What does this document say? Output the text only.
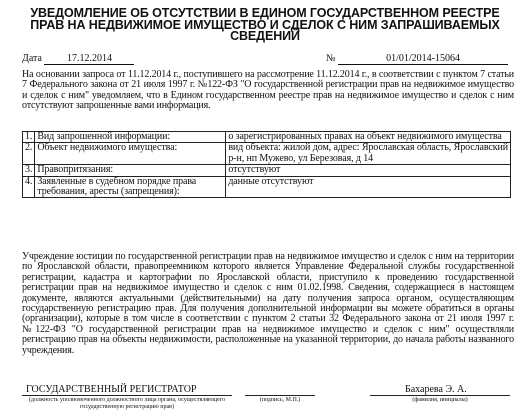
УВЕДОМЛЕНИЕ ОБ ОТСУТСТВИИ В ЕДИНОМ ГОСУДАРСТВЕННОМ РЕЕСТРЕ ПРАВ НА НЕДВИЖИМОЕ ИМУЩЕСТВО И СДЕЛОК С НИМ ЗАПРАШИВАЕМЫХ СВЕДЕНИЙ
Дата	17.12.2014	№	01/01/2014-15064
На основании запроса от 11.12.2014 г., поступившего на рассмотрение 11.12.2014 г., в соответствии с пунктом 7 статьи 7 Федерального закона от 21 июля 1997 г. №122-ФЗ "О государственной регистрации прав на недвижимое имущество и сделок с ним" уведомляем, что в Едином государственном реестре прав на недвижимое имущество и сделок с ним отсутствуют запрошенные вами информация.
1.	Вид запрошенной информации:	о зарегистрированных правах на объект недвижимого имущества
2.	Объект недвижимого имущества:	вид объекта: жилой дом, адрес: Ярославская область, Ярославский р-н, нп Мужево, ул Березовая, д 14
3.	Правопритязания:	отсутствуют
4.	Заявленные в судебном порядке права требования, аресты (запрещения):	данные отсутствуют
Учреждение юстиции по государственной регистрации прав на недвижимое имущество и сделок с ним на территории по Ярославской области, правопреемником которого является Управление Федеральной службы государственной регистрации, кадастра и картографии по Ярославской области, приступило к проведению государственной регистрации прав на недвижимое имущество и сделок с ним 01.02.1998. Сведения, содержащиеся в настоящем документе, являются актуальными (действительными) на дату получения запроса органом, осуществляющим государственную регистрацию прав. Для получения дополнительной информации вы можете обратиться в органы (организации), которые в том числе в соответствии с пунктом 2 статьи 32 Федерального закона от 21 июля 1997 г. №122-ФЗ "О государственной регистрации прав на недвижимое имущество и сделок с ним" осуществляли регистрацию прав на объекты недвижимости, расположенные на указанной территории, до начала работы названного учреждения.
ГОСУДАРСТВЕННЫЙ РЕГИСТРАТОР	Бахарева Э. А.
(должность уполномоченного должностного лица органа, осуществляющего государственную регистрацию прав)
(подпись, М.П.)	(фамилия, инициалы)
